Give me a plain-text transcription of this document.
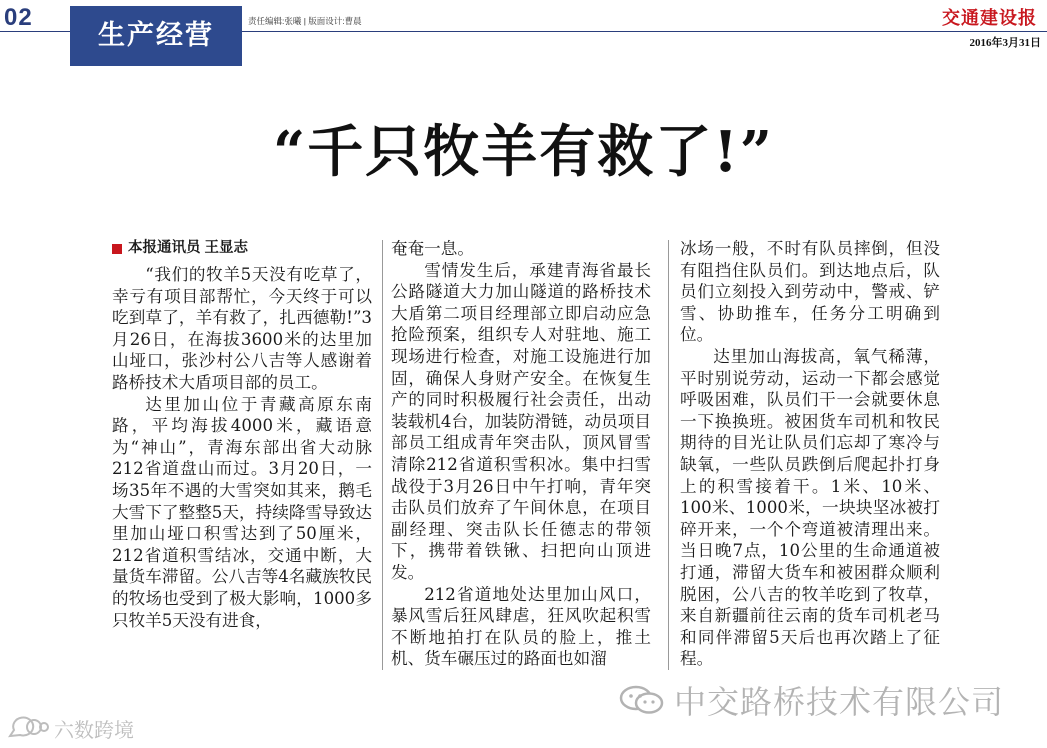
02
生产经营	责任编辑:张曦 | 版面设计:曹晨	交通建设报
2016年3月31日
“千只牧羊有救了!”
本报通讯员 王显志

“我们的牧羊5天没有吃草了，幸亏有项目部帮忙，今天终于可以吃到草了，羊有救了，扎西德勒!”3月26日，在海拔3600米的达里加山垭口，张沙村公八吉等人感谢着路桥技术大盾项目部的员工。

达里加山位于青藏高原东南路，平均海拔4000米，藏语意为“神山”，青海东部出省大动脉212省道盘山而过。3月20日，一场35年不遇的大雪突如其来，鹅毛大雪下了整整5天，持续降雪导致达里加山垭口积雪达到了50厘米，212省道积雪结冰，交通中断，大量货车滞留。公八吉等4名藏族牧民的牧场也受到了极大影响，1000多只牧羊5天没有进食，

奄奄一息。

雪情发生后，承建青海省最长公路隧道大力加山隧道的路桥技术大盾第二项目经理部立即启动应急抢险预案，组织专人对驻地、施工现场进行检查，对施工设施进行加固，确保人身财产安全。在恢复生产的同时积极履行社会责任，出动装载机4台，加装防滑链，动员项目部员工组成青年突击队，顶风冒雪清除212省道积雪积冰。集中扫雪战役于3月26日中午打响，青年突击队员们放弃了午间休息，在项目副经理、突击队长任德志的带领下，携带着铁锹、扫把向山顶进发。

212省道地处达里加山风口，暴风雪后狂风肆虐，狂风吹起积雪不断地拍打在队员的脸上，推土机、货车碾压过的路面也如溜

冰场一般，不时有队员摔倒，但没有阻挡住队员们。到达地点后，队员们立刻投入到劳动中，警戒、铲雪、协助推车，任务分工明确到位。

达里加山海拔高，氧气稀薄，平时别说劳动，运动一下都会感觉呼吸困难，队员们干一会就要休息一下换换班。被困货车司机和牧民期待的目光让队员们忘却了寒冷与缺氧，一些队员跌倒后爬起扑打身上的积雪接着干。1米、10米、100米、1000米，一块块坚冰被打碎开来，一个个弯道被清理出来。当日晚7点，10公里的生命通道被打通，滞留大货车和被困群众顺利脱困，公八吉的牧羊吃到了牧草，来自新疆前往云南的货车司机老马和同伴滞留5天后也再次踏上了征程。

中交路桥技术有限公司
六数跨境
